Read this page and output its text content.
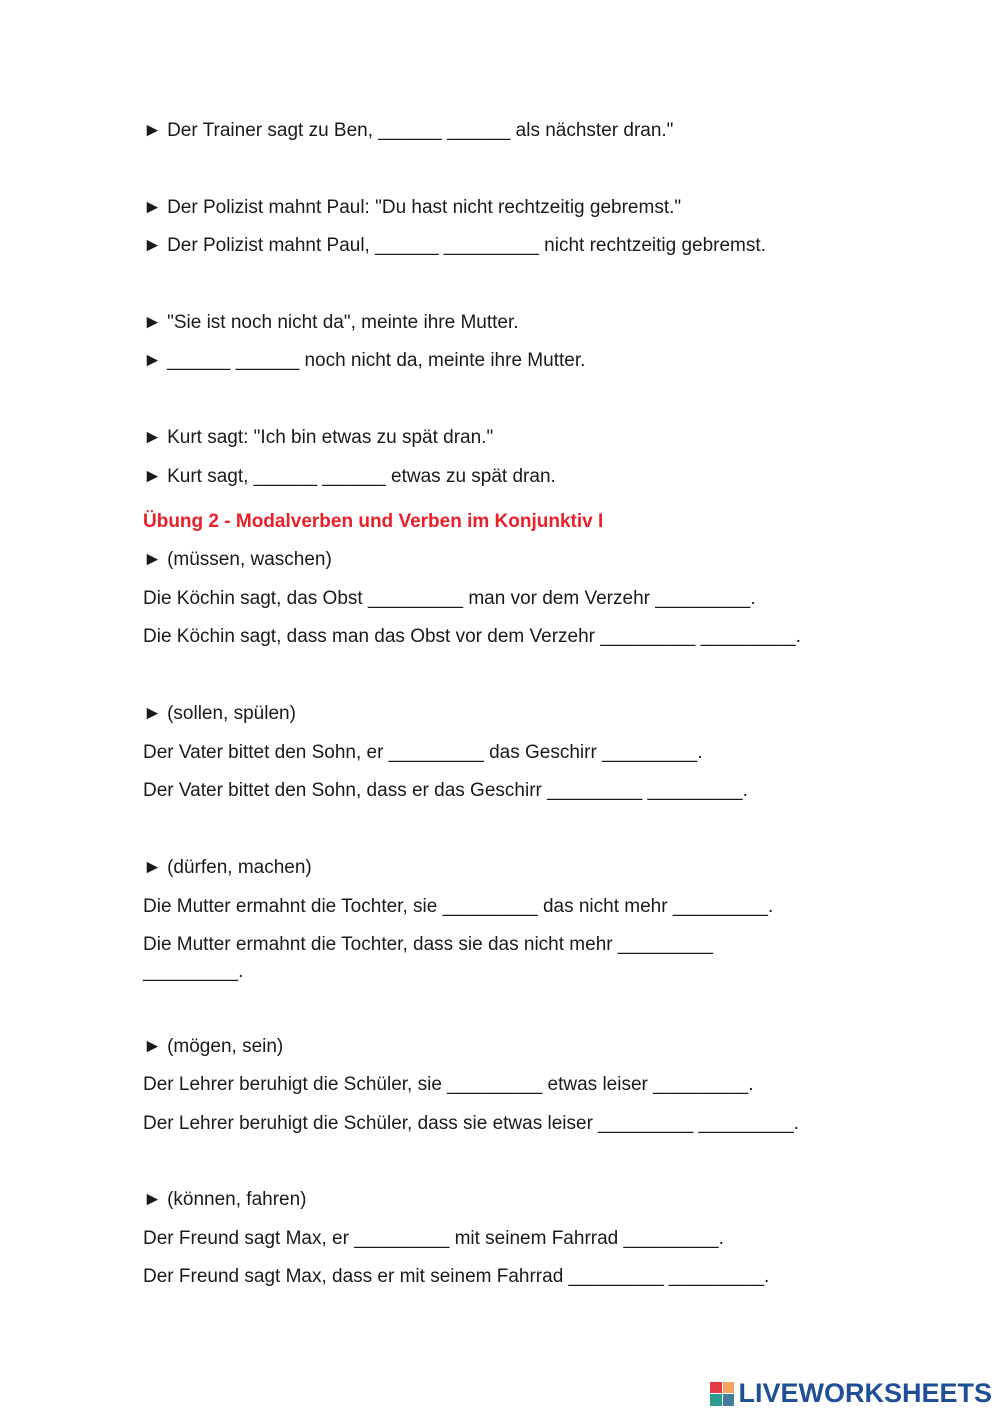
► Der Trainer sagt zu Ben, ______ ______ als nächster dran."
► Der Polizist mahnt Paul: "Du hast nicht rechtzeitig gebremst."
► Der Polizist mahnt Paul, ______ _________ nicht rechtzeitig gebremst.
► "Sie ist noch nicht da", meinte ihre Mutter.
► ______ ______ noch nicht da, meinte ihre Mutter.
► Kurt sagt: "Ich bin etwas zu spät dran."
► Kurt sagt, ______ ______ etwas zu spät dran.
Übung 2 - Modalverben und Verben im Konjunktiv I
► (müssen, waschen)
Die Köchin sagt, das Obst _________ man vor dem Verzehr _________.
Die Köchin sagt, dass man das Obst vor dem Verzehr _________ _________.
► (sollen, spülen)
Der Vater bittet den Sohn, er _________ das Geschirr _________.
Der Vater bittet den Sohn, dass er das Geschirr _________ _________.
► (dürfen, machen)
Die Mutter ermahnt die Tochter, sie _________ das nicht mehr _________.
Die Mutter ermahnt die Tochter, dass sie das nicht mehr _________
_________.
► (mögen, sein)
Der Lehrer beruhigt die Schüler, sie _________ etwas leiser _________.
Der Lehrer beruhigt die Schüler, dass sie etwas leiser _________ _________.
► (können, fahren)
Der Freund sagt Max, er _________ mit seinem Fahrrad _________.
Der Freund sagt Max, dass er mit seinem Fahrrad _________ _________.
LIVEWORKSHEETS
